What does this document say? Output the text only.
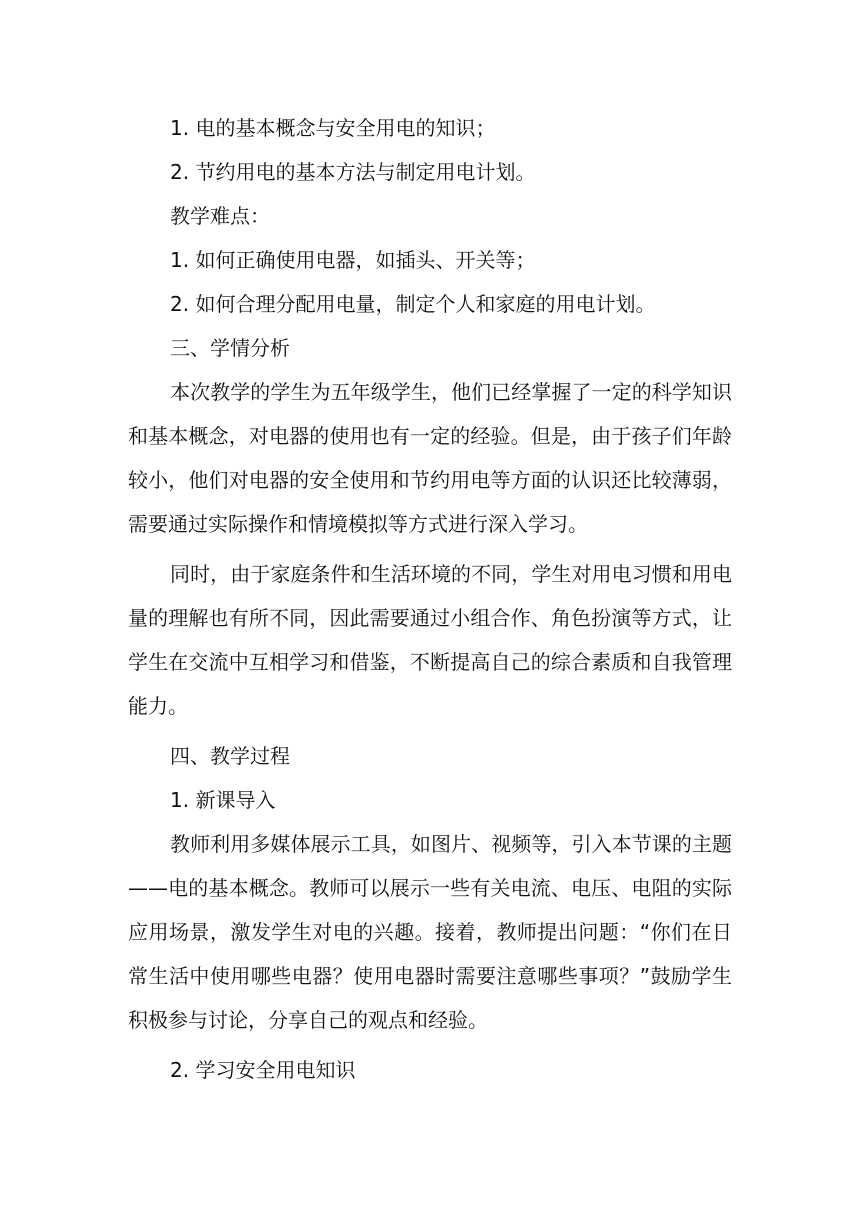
1. 电的基本概念与安全用电的知识；
2. 节约用电的基本方法与制定用电计划。
教学难点：
1. 如何正确使用电器，如插头、开关等；
2. 如何合理分配用电量，制定个人和家庭的用电计划。
三、学情分析
本次教学的学生为五年级学生，他们已经掌握了一定的科学知识
和基本概念，对电器的使用也有一定的经验。但是，由于孩子们年龄
较小，他们对电器的安全使用和节约用电等方面的认识还比较薄弱，
需要通过实际操作和情境模拟等方式进行深入学习。
同时，由于家庭条件和生活环境的不同，学生对用电习惯和用电
量的理解也有所不同，因此需要通过小组合作、角色扮演等方式，让
学生在交流中互相学习和借鉴，不断提高自己的综合素质和自我管理
能力。
四、教学过程
1. 新课导入
教师利用多媒体展示工具，如图片、视频等，引入本节课的主题
——电的基本概念。教师可以展示一些有关电流、电压、电阻的实际
应用场景，激发学生对电的兴趣。接着，教师提出问题：“你们在日
常生活中使用哪些电器？使用电器时需要注意哪些事项？”鼓励学生
积极参与讨论，分享自己的观点和经验。
2. 学习安全用电知识
